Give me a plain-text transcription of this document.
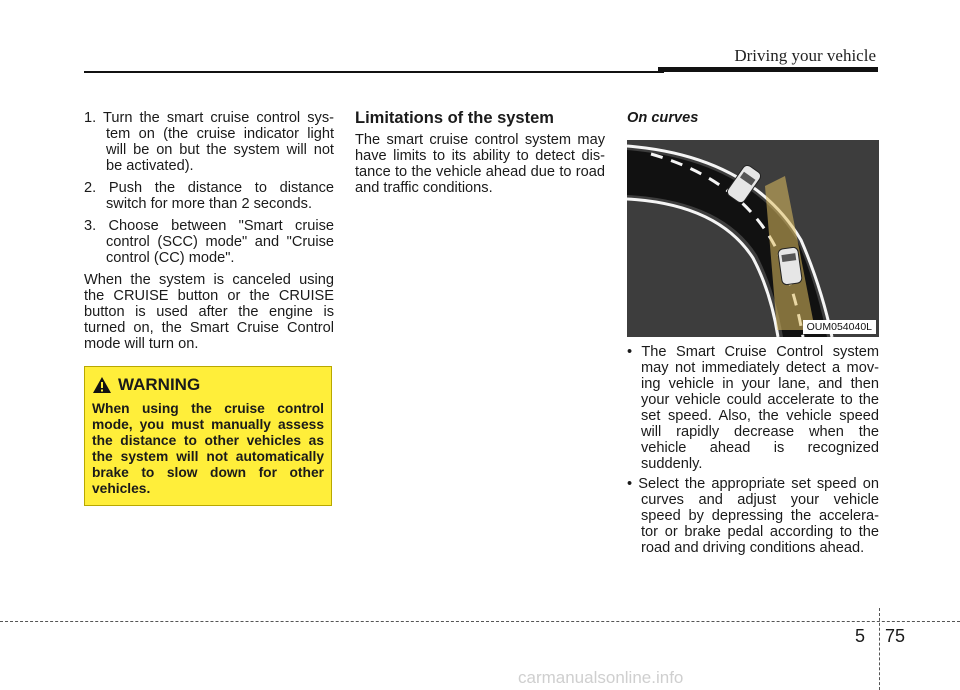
Driving your vehicle

1. Turn the smart cruise control sys-tem on (the cruise indicator light will be on but the system will not be activated).

2. Push the distance to distance switch for more than 2 seconds.

3. Choose between "Smart cruise control (SCC) mode" and "Cruise control (CC) mode".

When the system is canceled using the CRUISE button or the CRUISE button is used after the engine is turned on, the Smart Cruise Control mode will turn on.

WARNING

When using the cruise control mode, you must manually assess the distance to other vehicles as the system will not automatically brake to slow down for other vehicles.

Limitations of the system

The smart cruise control system may have limits to its ability to detect dis-tance to the vehicle ahead due to road and traffic conditions.

On curves
OUM054040L
• The Smart Cruise Control system may not immediately detect a mov-ing vehicle in your lane, and then your vehicle could accelerate to the set speed. Also, the vehicle speed will rapidly decrease when the vehicle ahead is recognized suddenly.
• Select the appropriate set speed on curves and adjust your vehicle speed by depressing the accelera-tor or brake pedal according to the road and driving conditions ahead.
5 75
carmanualsonline.info
